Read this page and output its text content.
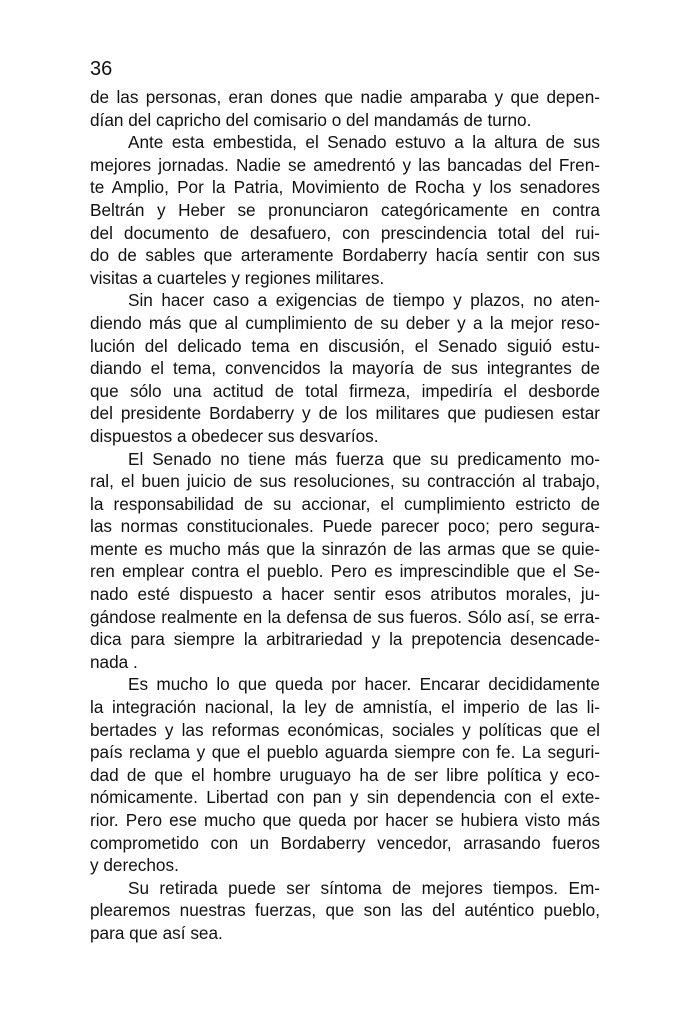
36

de las personas, eran dones que nadie amparaba y que depen-
dían del capricho del comisario o del mandamás de turno.

Ante esta embestida, el Senado estuvo a la altura de sus
mejores jornadas. Nadie se amedrentó y las bancadas del Fren-
te Amplio, Por la Patria, Movimiento de Rocha y los senadores
Beltrán y Heber se pronunciaron categóricamente en contra
del documento de desafuero, con prescindencia total del rui-
do de sables que arteramente Bordaberry hacía sentir con sus
visitas a cuarteles y regiones militares.

Sin hacer caso a exigencias de tiempo y plazos, no aten-
diendo más que al cumplimiento de su deber y a la mejor reso-
lución del delicado tema en discusión, el Senado siguió estu-
diando el tema, convencidos la mayoría de sus integrantes de
que sólo una actitud de total firmeza, impediría el desborde
del presidente Bordaberry y de los militares que pudiesen estar
dispuestos a obedecer sus desvaríos.

El Senado no tiene más fuerza que su predicamento mo-
ral, el buen juicio de sus resoluciones, su contracción al trabajo,
la responsabilidad de su accionar, el cumplimiento estricto de
las normas constitucionales. Puede parecer poco; pero segura-
mente es mucho más que la sinrazón de las armas que se quie-
ren emplear contra el pueblo. Pero es imprescindible que el Se-
nado esté dispuesto a hacer sentir esos atributos morales, ju-
gándose realmente en la defensa de sus fueros. Sólo así, se erra-
dica para siempre la arbitrariedad y la prepotencia desencade-
nada .

Es mucho lo que queda por hacer. Encarar decididamente
la integración nacional, la ley de amnistía, el imperio de las li-
bertades y las reformas económicas, sociales y políticas que el
país reclama y que el pueblo aguarda siempre con fe. La seguri-
dad de que el hombre uruguayo ha de ser libre política y eco-
nómicamente. Libertad con pan y sin dependencia con el exte-
rior. Pero ese mucho que queda por hacer se hubiera visto más
comprometido con un Bordaberry vencedor, arrasando fueros
y derechos.

Su retirada puede ser síntoma de mejores tiempos. Em-
plearemos nuestras fuerzas, que son las del auténtico pueblo,
para que así sea.
